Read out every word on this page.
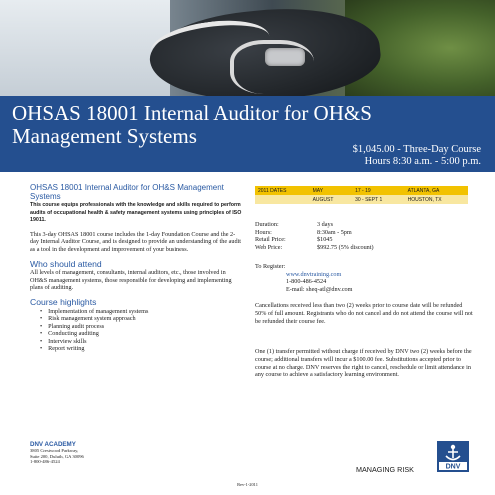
OHSAS 18001 Internal Auditor for OH&S Management Systems
$1,045.00 - Three-Day Course
Hours 8:30 a.m. - 5:00 p.m.

OHSAS 18001 Internal Auditor for OH&S Management Systems

This course equips professionals with the knowledge and skills required to perform audits of occupational health & safety management systems using principles of ISO 19011.

This 3-day OHSAS 18001 course includes the 1-day Foundation Course and the 2-day Internal Auditor Course, and is designed to provide an understanding of the audit as a tool in the development and improvement of your business.

Who should attend

All levels of management, consultants, internal auditors, etc., those involved in OH&S management systems, those responsible for developing and implementing plans of auditing.

Course highlights

• Implementation of management systems
• Risk management system approach
• Planning audit process
• Conducting auditing
• Interview skills
• Report writing
2011 DATES	MAY	17 - 19	ATLANTA, GA
	AUGUST	30 - SEPT 1	HOUSTON, TX
Duration:	3 days
Hours:	8:30am - 5pm
Retail Price:	$1045
Web Price:	$992.75 (5% discount)
To Register:
www.dnvtraining.com
1-800-486-4524
E-mail: sheq-atl@dnv.com
Cancellations received less than two (2) weeks prior to course date will be refunded 50% of full amount. Registrants who do not cancel and do not attend the course will not be refunded their course fee.
One (1) transfer permitted without charge if received by DNV two (2) weeks before the course; additional transfers will incur a $100.00 fee. Substitutions accepted prior to course at no charge. DNV reserves the right to cancel, reschedule or limit attendance in any course to achieve a satisfactory learning environment.

DNV ACADEMY

3805 Crestwood Parkway,

Suite 200, Duluth, GA 30096

1-800-486-4524

MANAGING RISK	DNV
Rev-1-2011
